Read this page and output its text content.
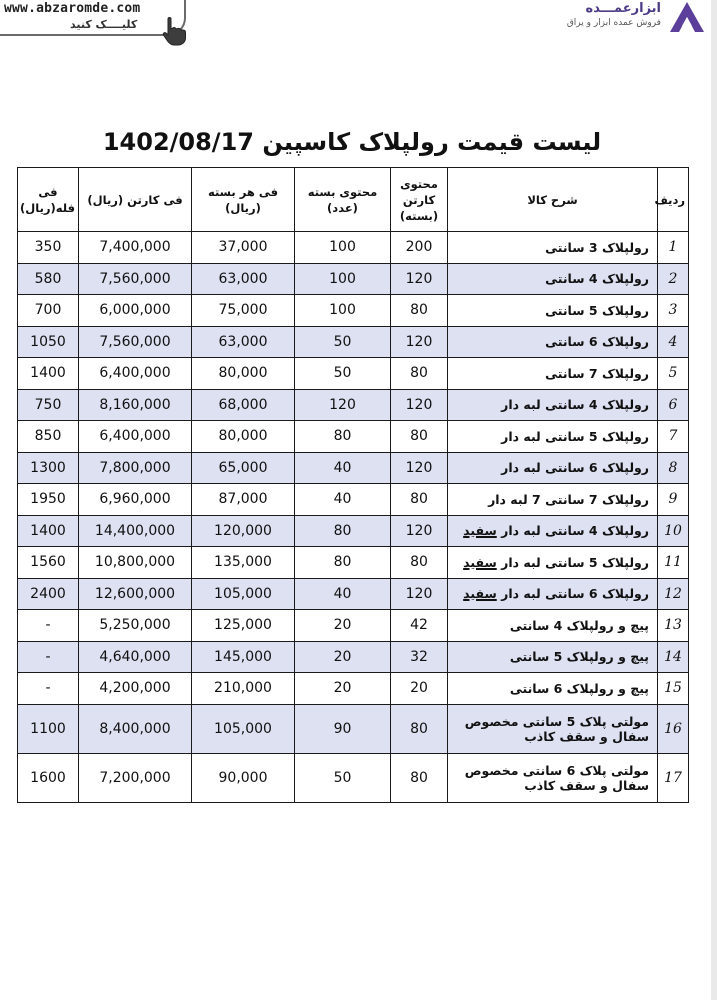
www.abzaromde.com
کلیــــک کنید
ابزارعمـــده
فروش عمده ابزار و یراق
لیست قیمت رولپلاک کاسپین 1402/08/17
ردیف	شرح کالا	محتوی
کارتن
(بسته)	محتوی بسته
(عدد)	فی هر بسته (ریال)	فی کارتن (ریال)	فی
فله(ریال)
1	رولپلاک 3 سانتی	200	100	37,000	7,400,000	350
2	رولپلاک 4 سانتی	120	100	63,000	7,560,000	580
3	رولپلاک 5 سانتی	80	100	75,000	6,000,000	700
4	رولپلاک 6 سانتی	120	50	63,000	7,560,000	1050
5	رولپلاک 7 سانتی	80	50	80,000	6,400,000	1400
6	رولپلاک 4 سانتی لبه دار	120	120	68,000	8,160,000	750
7	رولپلاک 5 سانتی لبه دار	80	80	80,000	6,400,000	850
8	رولپلاک 6 سانتی لبه دار	120	40	65,000	7,800,000	1300
9	رولپلاک 7 سانتی 7 لبه دار	80	40	87,000	6,960,000	1950
10	رولپلاک 4 سانتی لبه دار سفید	120	80	120,000	14,400,000	1400
11	رولپلاک 5 سانتی لبه دار سفید	80	80	135,000	10,800,000	1560
12	رولپلاک 6 سانتی لبه دار سفید	120	40	105,000	12,600,000	2400
13	پیچ و رولپلاک 4 سانتی	42	20	125,000	5,250,000	-
14	پیچ و رولپلاک 5 سانتی	32	20	145,000	4,640,000	-
15	پیچ و رولپلاک 6 سانتی	20	20	210,000	4,200,000	-
16	مولتی پلاک 5 سانتی مخصوص
سفال و سقف کاذب	80	90	105,000	8,400,000	1100
17	مولتی پلاک 6 سانتی مخصوص
سفال و سقف کاذب	80	50	90,000	7,200,000	1600
